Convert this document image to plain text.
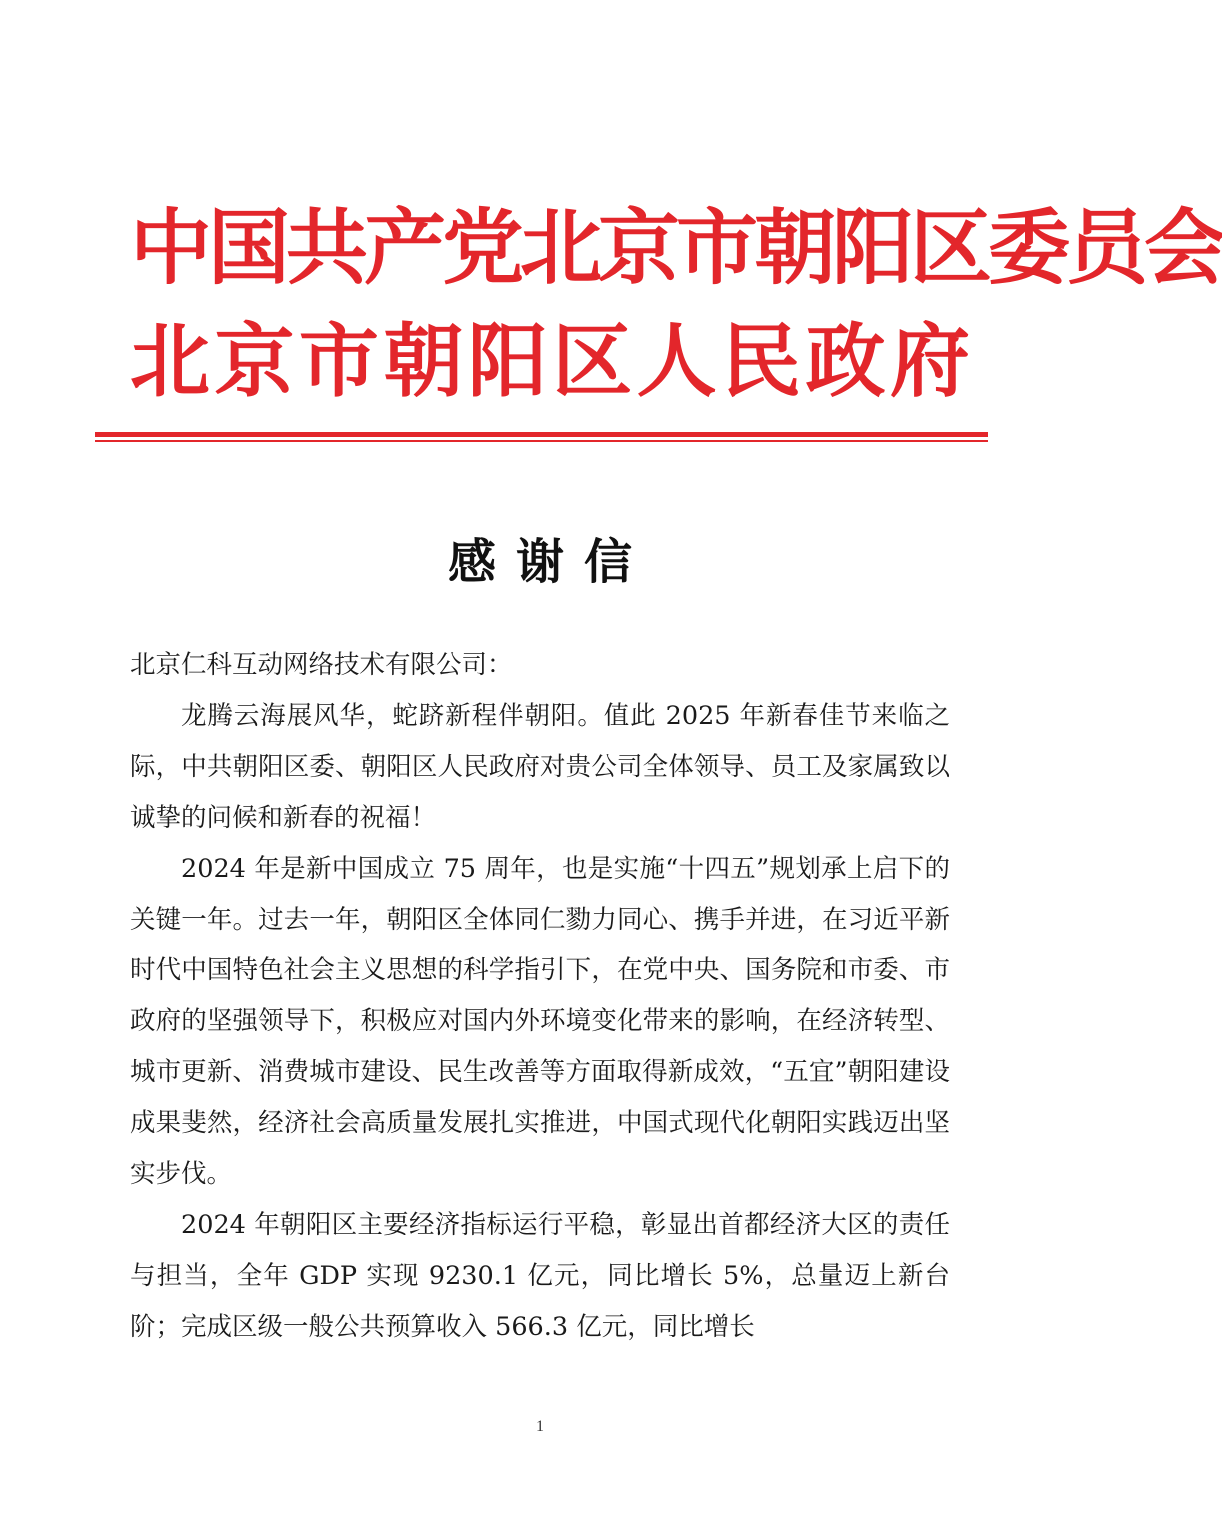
中国共产党北京市朝阳区委员会
北京市朝阳区人民政府
感谢信

北京仁科互动网络技术有限公司：

龙腾云海展风华，蛇跻新程伴朝阳。值此 2025 年新春佳节来临之际，中共朝阳区委、朝阳区人民政府对贵公司全体领导、员工及家属致以诚挚的问候和新春的祝福！

2024 年是新中国成立 75 周年，也是实施“十四五”规划承上启下的关键一年。过去一年，朝阳区全体同仁勠力同心、携手并进，在习近平新时代中国特色社会主义思想的科学指引下，在党中央、国务院和市委、市政府的坚强领导下，积极应对国内外环境变化带来的影响，在经济转型、城市更新、消费城市建设、民生改善等方面取得新成效，“五宜”朝阳建设成果斐然，经济社会高质量发展扎实推进，中国式现代化朝阳实践迈出坚实步伐。

2024 年朝阳区主要经济指标运行平稳，彰显出首都经济大区的责任与担当，全年 GDP 实现 9230.1 亿元，同比增长 5%，总量迈上新台阶；完成区级一般公共预算收入 566.3 亿元，同比增长

1
